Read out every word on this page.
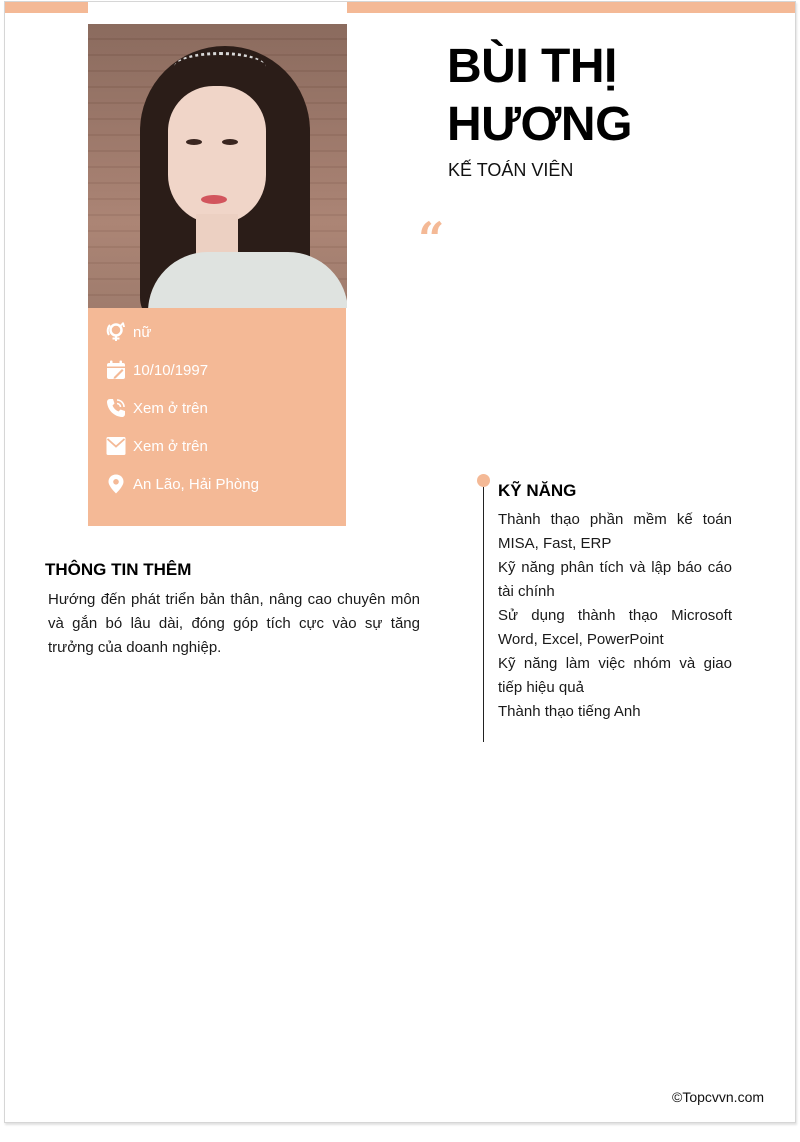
nữ
10/10/1997
Xem ở trên
Xem ở trên
An Lão, Hải Phòng
BÙI THỊ
HƯƠNG
KẾ TOÁN VIÊN
“
THÔNG TIN THÊM
Hướng đến phát triển bản thân, nâng cao chuyên môn và gắn bó lâu dài, đóng góp tích cực vào sự tăng trưởng của doanh nghiệp.
KỸ NĂNG
Thành thạo phần mềm kế toán MISA, Fast, ERP
Kỹ năng phân tích và lập báo cáo tài chính
Sử dụng thành thạo Microsoft Word, Excel, PowerPoint
Kỹ năng làm việc nhóm và giao tiếp hiệu quả
Thành thạo tiếng Anh
©Topcvvn.com
